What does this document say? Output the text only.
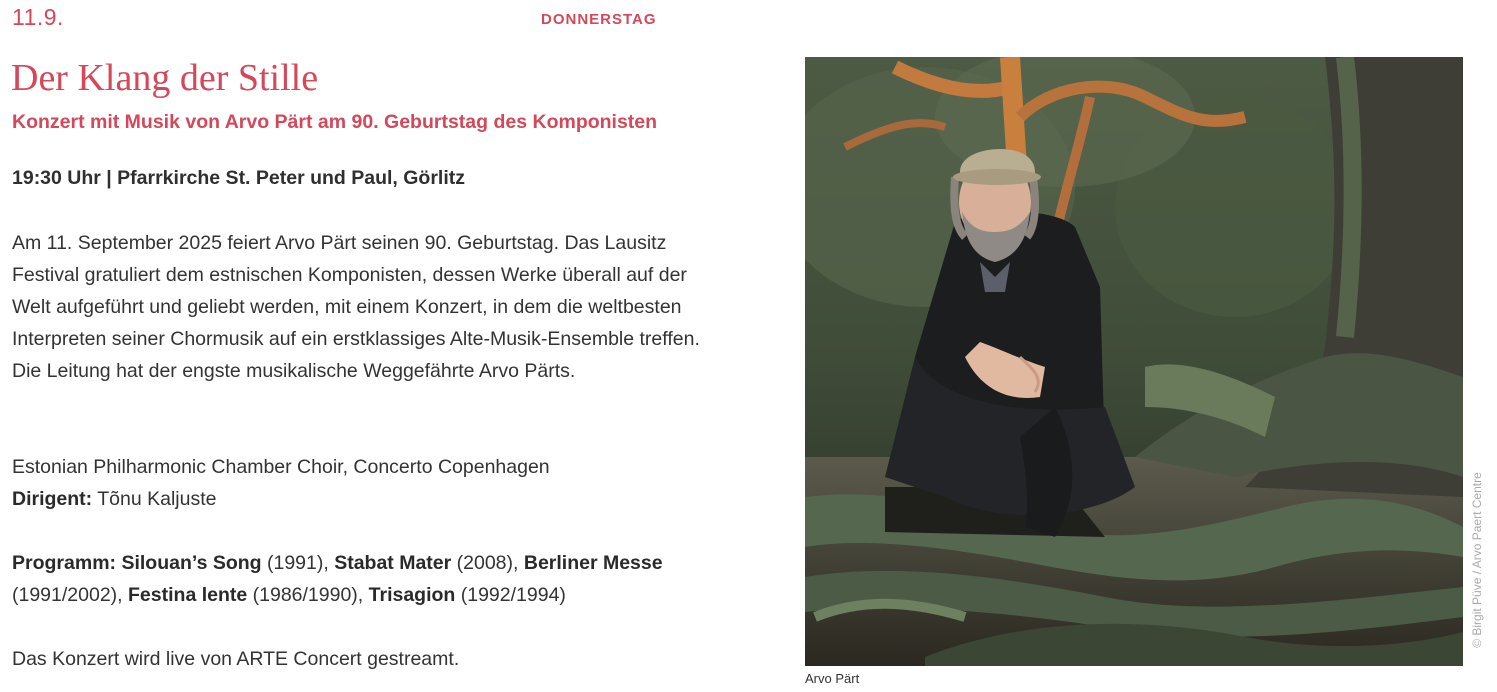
11.9.	DONNERSTAG
Der Klang der Stille
Konzert mit Musik von Arvo Pärt am 90. Geburtstag des Komponisten
19:30 Uhr | Pfarrkirche St. Peter und Paul, Görlitz

Am 11. September 2025 feiert Arvo Pärt seinen 90. Geburtstag. Das Lausitz Festival gratuliert dem estnischen Komponisten, dessen Werke überall auf der Welt aufgeführt und geliebt werden, mit einem Konzert, in dem die weltbesten Interpreten seiner Chormusik auf ein erstklassiges Alte-Musik-Ensemble treffen. Die Leitung hat der engste musikalische Weggefährte Arvo Pärts.

Estonian Philharmonic Chamber Choir, Concerto Copenhagen
Dirigent: Tõnu Kaljuste

Programm: Silouan’s Song (1991), Stabat Mater (2008), Berliner Messe
(1991/2002), Festina lente (1986/1990), Trisagion (1992/1994)

Das Konzert wird live von ARTE Concert gestreamt.

Arvo Pärt
© Birgit Püve / Arvo Paert Centre
